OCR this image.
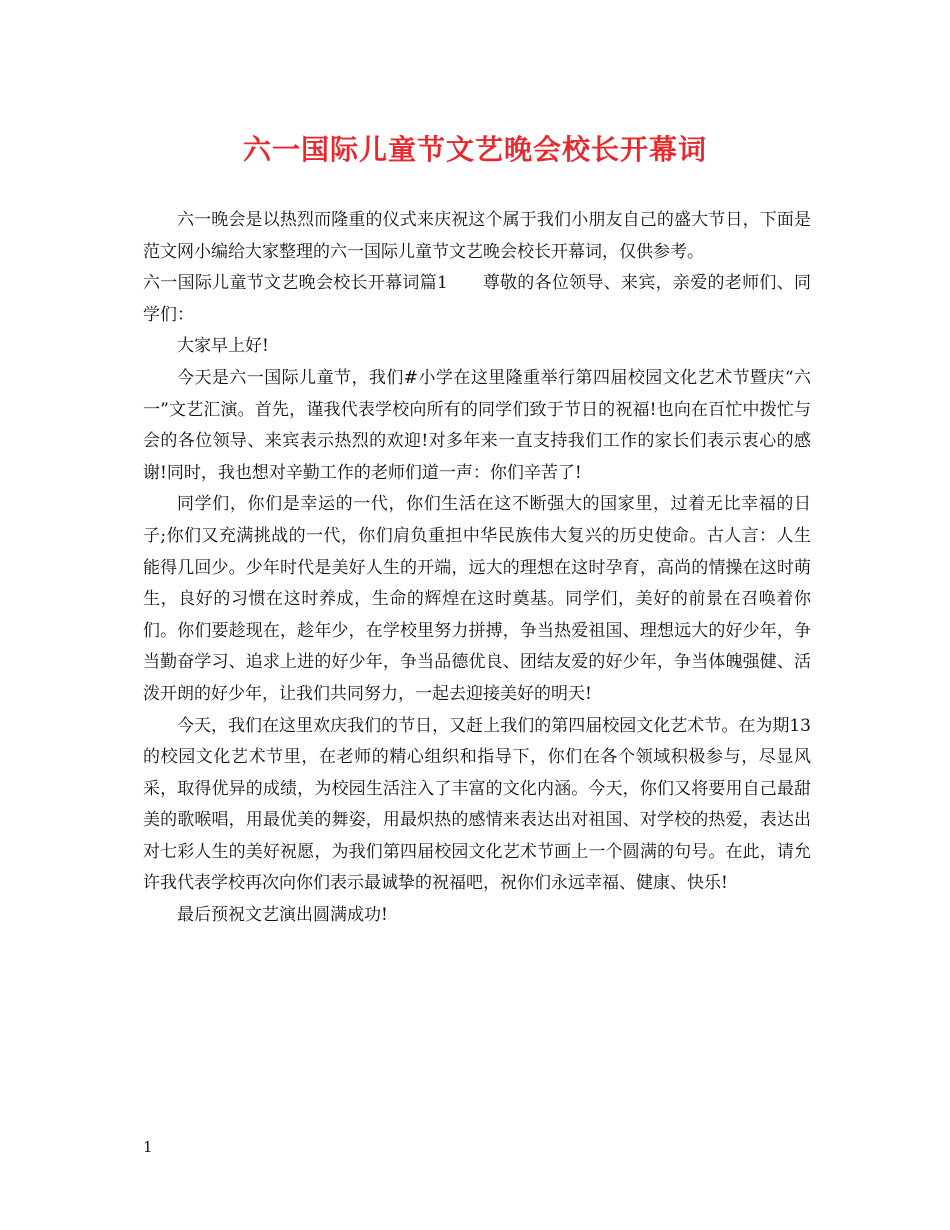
六一国际儿童节文艺晚会校长开幕词

六一晚会是以热烈而隆重的仪式来庆祝这个属于我们小朋友自己的盛大节日，下面是范文网小编给大家整理的六一国际儿童节文艺晚会校长开幕词，仅供参考。

六一国际儿童节文艺晚会校长开幕词篇1　　尊敬的各位领导、来宾，亲爱的老师们、同学们：

大家早上好!

今天是六一国际儿童节，我们#小学在这里隆重举行第四届校园文化艺术节暨庆“六一”文艺汇演。首先，谨我代表学校向所有的同学们致于节日的祝福!也向在百忙中拨忙与会的各位领导、来宾表示热烈的欢迎!对多年来一直支持我们工作的家长们表示衷心的感谢!同时，我也想对辛勤工作的老师们道一声：你们辛苦了!

同学们，你们是幸运的一代，你们生活在这不断强大的国家里，过着无比幸福的日子;你们又充满挑战的一代，你们肩负重担中华民族伟大复兴的历史使命。古人言：人生能得几回少。少年时代是美好人生的开端，远大的理想在这时孕育，高尚的情操在这时萌生，良好的习惯在这时养成，生命的辉煌在这时奠基。同学们，美好的前景在召唤着你们。你们要趁现在，趁年少，在学校里努力拼搏，争当热爱祖国、理想远大的好少年，争当勤奋学习、追求上进的好少年，争当品德优良、团结友爱的好少年，争当体魄强健、活泼开朗的好少年，让我们共同努力，一起去迎接美好的明天!

今天，我们在这里欢庆我们的节日，又赶上我们的第四届校园文化艺术节。在为期13的校园文化艺术节里，在老师的精心组织和指导下，你们在各个领域积极参与，尽显风采，取得优异的成绩，为校园生活注入了丰富的文化内涵。今天，你们又将要用自己最甜美的歌喉唱，用最优美的舞姿，用最炽热的感情来表达出对祖国、对学校的热爱，表达出对七彩人生的美好祝愿，为我们第四届校园文化艺术节画上一个圆满的句号。在此，请允许我代表学校再次向你们表示最诚挚的祝福吧，祝你们永远幸福、健康、快乐!

最后预祝文艺演出圆满成功!

1
